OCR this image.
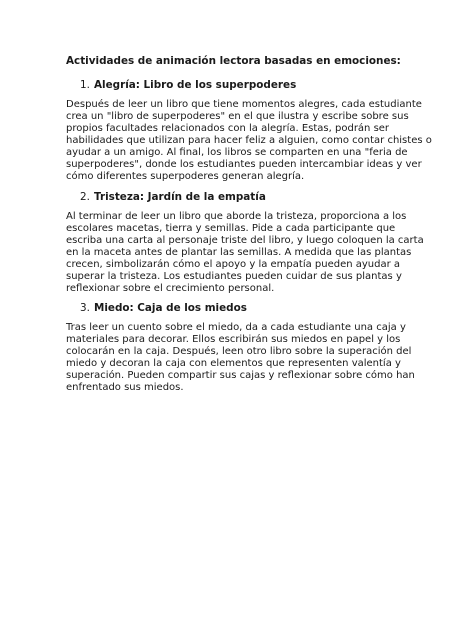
Actividades de animación lectora basadas en emociones:
1. Alegría: Libro de los superpoderes

Después de leer un libro que tiene momentos alegres, cada estudiante
crea un "libro de superpoderes" en el que ilustra y escribe sobre sus
propios facultades relacionados con la alegría. Estas, podrán ser
habilidades que utilizan para hacer feliz a alguien, como contar chistes o
ayudar a un amigo. Al final, los libros se comparten en una "feria de
superpoderes", donde los estudiantes pueden intercambiar ideas y ver
cómo diferentes superpoderes generan alegría.

2. Tristeza: Jardín de la empatía

Al terminar de leer un libro que aborde la tristeza, proporciona a los
escolares macetas, tierra y semillas. Pide a cada participante que
escriba una carta al personaje triste del libro, y luego coloquen la carta
en la maceta antes de plantar las semillas. A medida que las plantas
crecen, simbolizarán cómo el apoyo y la empatía pueden ayudar a
superar la tristeza. Los estudiantes pueden cuidar de sus plantas y
reflexionar sobre el crecimiento personal.

3. Miedo: Caja de los miedos

Tras leer un cuento sobre el miedo, da a cada estudiante una caja y
materiales para decorar. Ellos escribirán sus miedos en papel y los
colocarán en la caja. Después, leen otro libro sobre la superación del
miedo y decoran la caja con elementos que representen valentía y
superación. Pueden compartir sus cajas y reflexionar sobre cómo han
enfrentado sus miedos.
